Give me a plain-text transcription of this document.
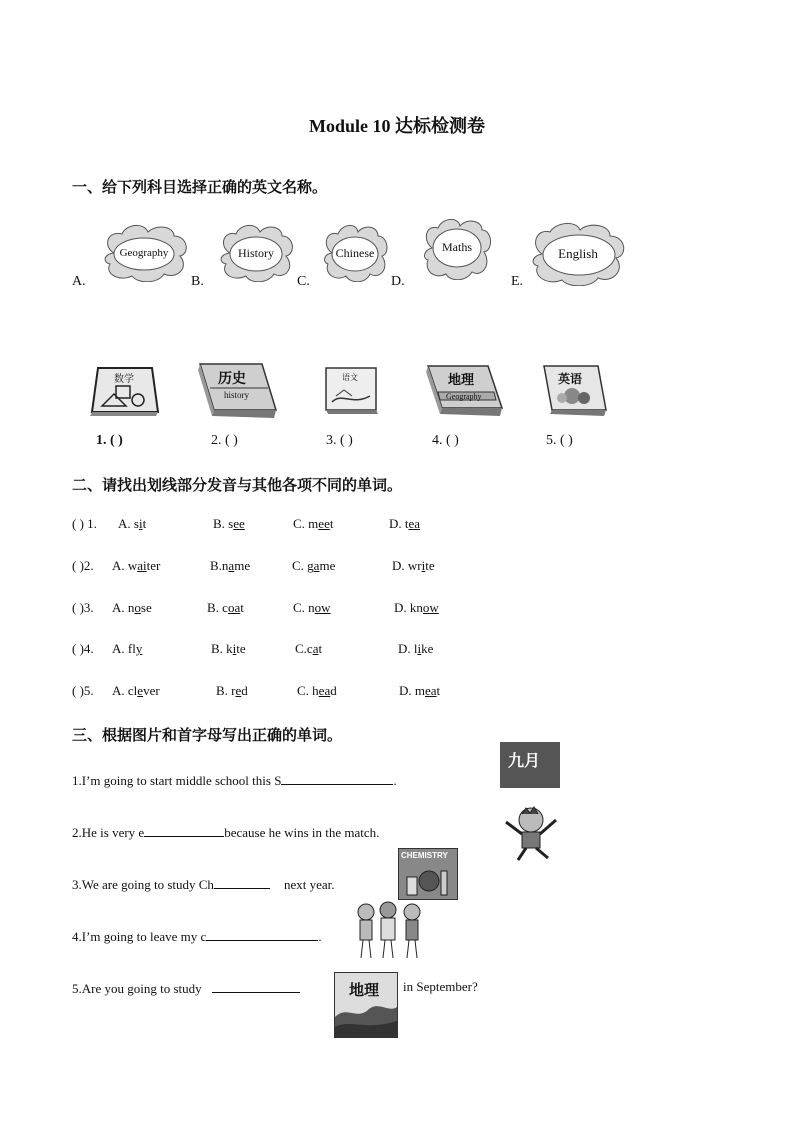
Module 10 达标检测卷
一、给下列科目选择正确的英文名称。
A.	B.	C.	D.	E.
Geography	History	Chinese	Maths	English
数学	历史
history
语文	地理
Geography
英语
1. ( )	2. ( )	3. ( )	4. ( )	5. ( )
二、请找出划线部分发音与其他各项不同的单词。
( ) 1. A. sit	B. see	C. meet	D. tea
( )2. A. waiter	B.name	C. game	D. write
( )3. A. nose	B. coat	C. now	D. know
( )4. A. fly	B. kite	C.cat	D. like
( )5. A. clever	B. red	C. head	D. meat
三、根据图片和首字母写出正确的单词。
1.I’m going to start middle school this S	.
九月
2.He is very e	because he wins in the match.
3.We are going to study Ch	next year.
CHEMISTRY
4.I’m going to leave my c	.
5.Are you going to study	in September?
地理
